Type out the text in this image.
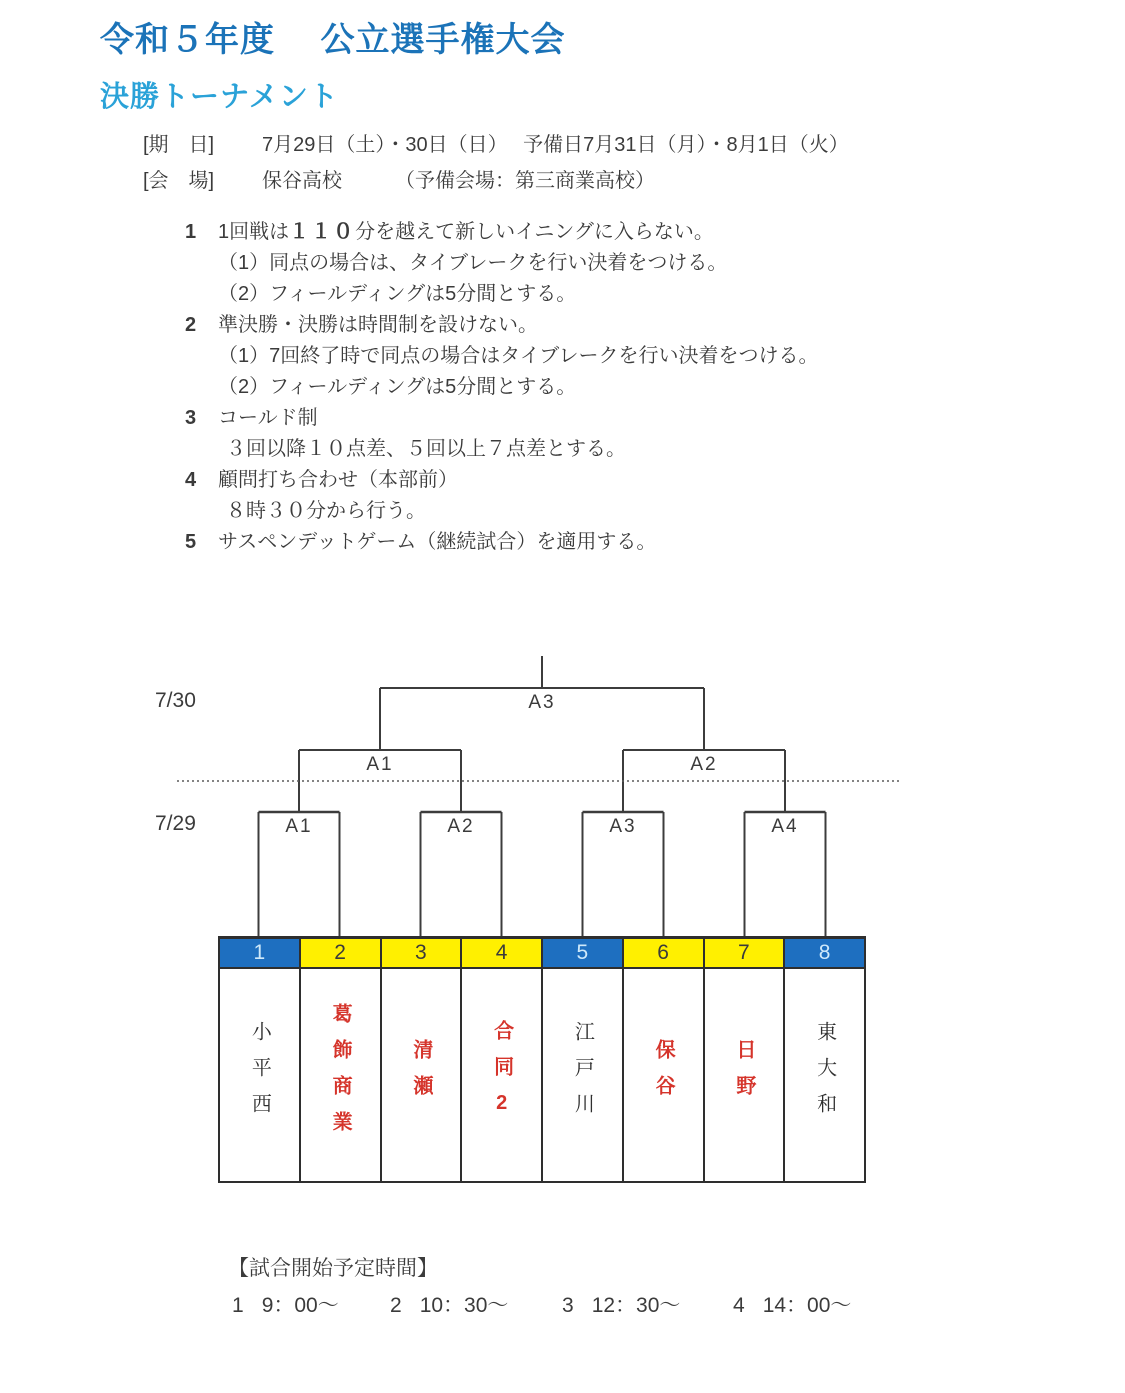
令和５年度　 公立選手権大会
決勝トーナメント
[期　日]	7月29日（土）・30日（日）　 予備日7月31日（月）・8月1日（火）
[会　場]	保谷高校	（予備会場：第三商業高校）
1	1回戦は１１０分を越えて新しいイニングに入らない。
（1）同点の場合は、タイブレークを行い決着をつける。
（2）フィールディングは5分間とする。
2	準決勝・決勝は時間制を設けない。
（1）7回終了時で同点の場合はタイブレークを行い決着をつける。
（2）フィールディングは5分間とする。
3	コールド制
３回以降１０点差、５回以上７点差とする。
4	顧問打ち合わせ（本部前）
８時３０分から行う。
5	サスペンデットゲーム（継続試合）を適用する。
7/30
7/29
A3
A1	A2
A1	A2	A3	A4
1
小平西
2
葛飾商業
3
清瀬
4
合同2
5
江戸川
6
保谷
7
日野
8
東大和
【試合開始予定時間】
1 9：00～ 2 10：30～	3 12：30～	4 14：00～
